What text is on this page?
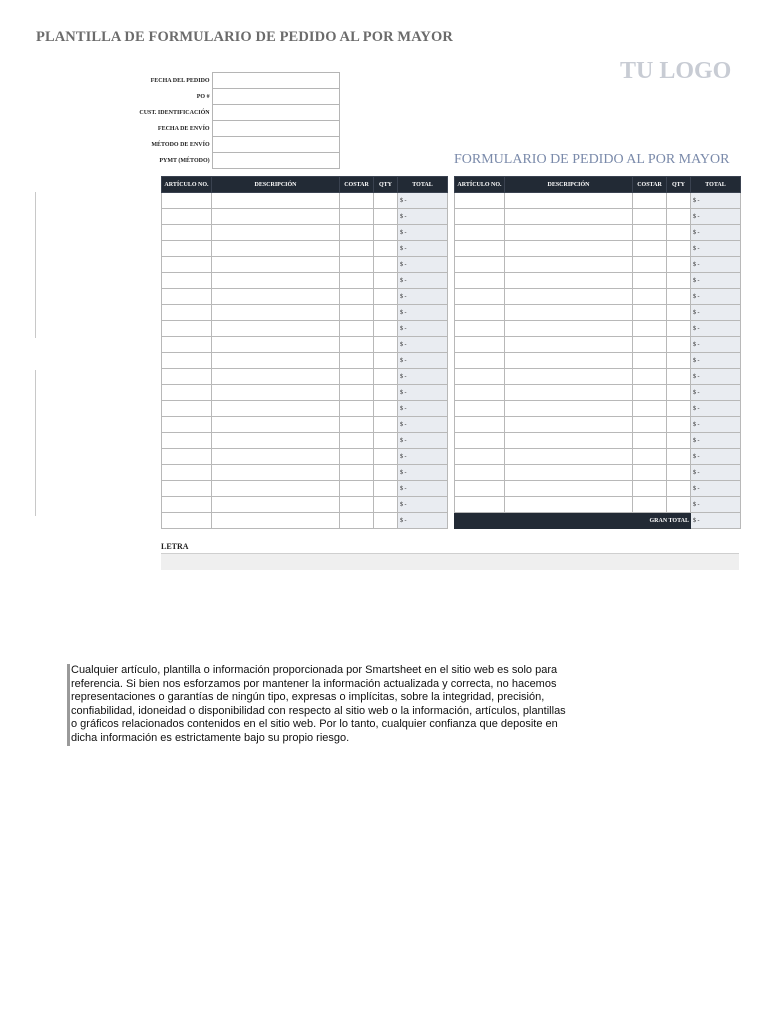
PLANTILLA DE FORMULARIO DE PEDIDO AL POR MAYOR
TU LOGO
FORMULARIO DE PEDIDO AL POR MAYOR
FECHA DEL PEDIDO	
PO #	
CUST. IDENTIFICACIÓN	
FECHA DE ENVÍO	
MÉTODO DE ENVÍO	
PYMT (MÉTODO)	
ARTÍCULO NO.	DESCRIPCIÓN	COSTAR	QTY	TOTAL
				$ -
				$ -
				$ -
				$ -
				$ -
				$ -
				$ -
				$ -
				$ -
				$ -
				$ -
				$ -
				$ -
				$ -
				$ -
				$ -
				$ -
				$ -
				$ -
				$ -
				$ -
ARTÍCULO NO.	DESCRIPCIÓN	COSTAR	QTY	TOTAL
				$ -
				$ -
				$ -
				$ -
				$ -
				$ -
				$ -
				$ -
				$ -
				$ -
				$ -
				$ -
				$ -
				$ -
				$ -
				$ -
				$ -
				$ -
				$ -
				$ -
GRAN TOTAL				$ -
LETRA
Cualquier artículo, plantilla o información proporcionada por Smartsheet en el sitio web es solo para referencia. Si bien nos esforzamos por mantener la información actualizada y correcta, no hacemos representaciones o garantías de ningún tipo, expresas o implícitas, sobre la integridad, precisión, confiabilidad, idoneidad o disponibilidad con respecto al sitio web o la información, artículos, plantillas o gráficos relacionados contenidos en el sitio web. Por lo tanto, cualquier confianza que deposite en dicha información es estrictamente bajo su propio riesgo.
